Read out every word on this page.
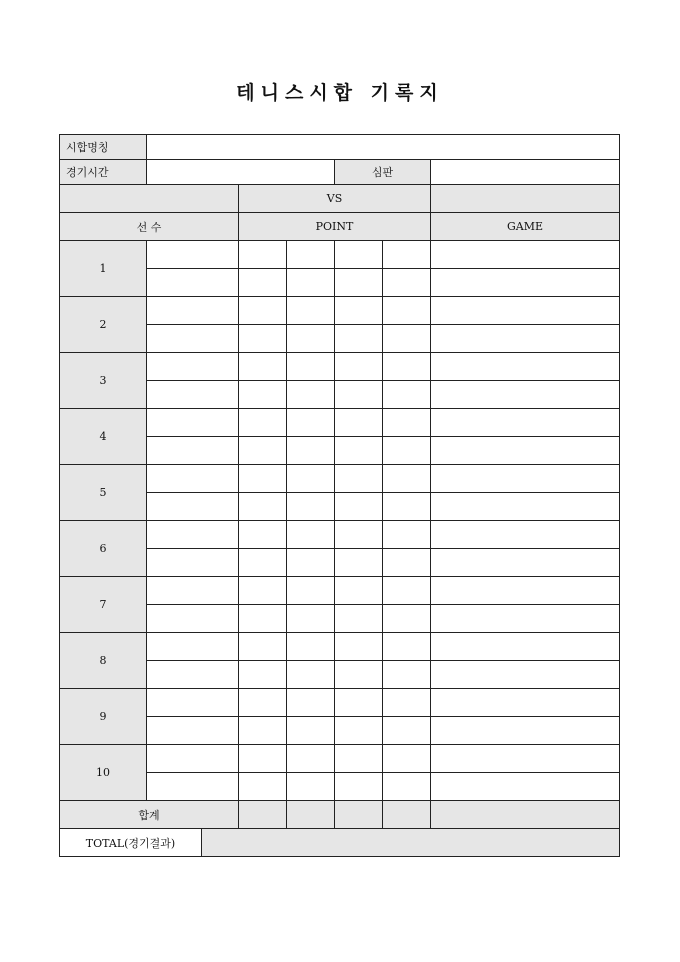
테니스시합 기록지
시합명칭							
경기시간					심판		
			VS				
선 수			POINT				GAME
1							

2							

3							

4							

5							

6							

7							

8							

9							

10							

합계							
TOTAL(경기결과)							
